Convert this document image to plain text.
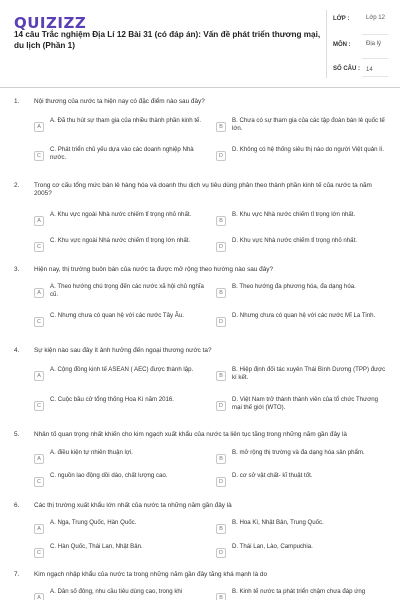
QUIZIZZ
14 câu Trắc nghiệm Địa Lí 12 Bài 31 (có đáp án): Vấn đề phát triển thương mại, du lịch (Phần 1)
LỚP :	Lớp 12
MÔN :	Địa lý
SỐ CÂU : 14
1. Nội thương của nước ta hiện nay có đặc điểm nào sau đây?
A
A. Đã thu hút sự tham gia của nhiều thành phần kinh tế.
B
B. Chưa có sự tham gia của các tập đoàn bán lẻ quốc tế lớn.
C
C. Phát triển chủ yếu dựa vào các doanh nghiệp Nhà nước.	D
D. Không có hệ thống siêu thị nào do người Việt quản lí.
2. Trong cơ cấu tổng mức bán lẻ hàng hóa và doanh thu dịch vụ tiêu dùng phân theo thành phần kinh tế của nước ta năm 2005?
A
A. Khu vực ngoài Nhà nước chiếm tỉ trọng nhỏ nhất.
B
B. Khu vực Nhà nước chiếm tỉ trọng lớn nhất.
C
C. Khu vực ngoài Nhà nước chiếm tỉ trọng lớn nhất.
D
D. Khu vực Nhà nước chiếm tỉ trọng nhỏ nhất.
3. Hiện nay, thị trường buôn bán của nước ta được mở rộng theo hướng nào sau đây?
A
A. Theo hướng chú trọng đến các nước xã hội chủ nghĩa cũ.	B
B. Theo hướng đa phương hóa, đa dạng hóa.
C
C. Nhưng chưa có quan hệ với các nước Tây Âu.
D
D. Nhưng chưa có quan hệ với các nước Mĩ La Tinh.
4. Sự kiện nào sau đây ít ảnh hưởng đến ngoại thương nước ta?
A
A. Cộng đồng kinh tế ASEAN ( AEC) được thành lập.
B
B. Hiệp định đối tác xuyên Thái Bình Dương (TPP) được kí kết.
C
C. Cuộc bầu cử tổng thống Hoa Kì năm 2016.
D
D. Việt Nam trở thành thành viên của tổ chức Thương mại thế giới (WTO).
5. Nhân tố quan trọng nhất khiến cho kim ngạch xuất khẩu của nước ta liên tục tăng trong những năm gần đây là
A
A. điều kiện tự nhiên thuận lợi.
B
B. mở rộng thị trường và đa dạng hóa sản phẩm.
C
C. nguồn lao động dồi dào, chất lượng cao.
D
D. cơ sở vật chất- kĩ thuật tốt.
6. Các thị trường xuất khẩu lớn nhất của nước ta những năm gần đây là
A
A. Nga, Trung Quốc, Hàn Quốc.
B
B. Hoa Kì, Nhật Bản, Trung Quốc.
C
C. Hàn Quốc, Thái Lan, Nhật Bản.
D
D. Thái Lan, Lào, Campuchia.
7. Kim ngạch nhập khẩu của nước ta trong những năm gần đây tăng khá mạnh là do
A
A. Dân số đông, nhu cầu tiêu dùng cao, trong khi
B
B. Kinh tế nước ta phát triển chậm chưa đáp ứng
